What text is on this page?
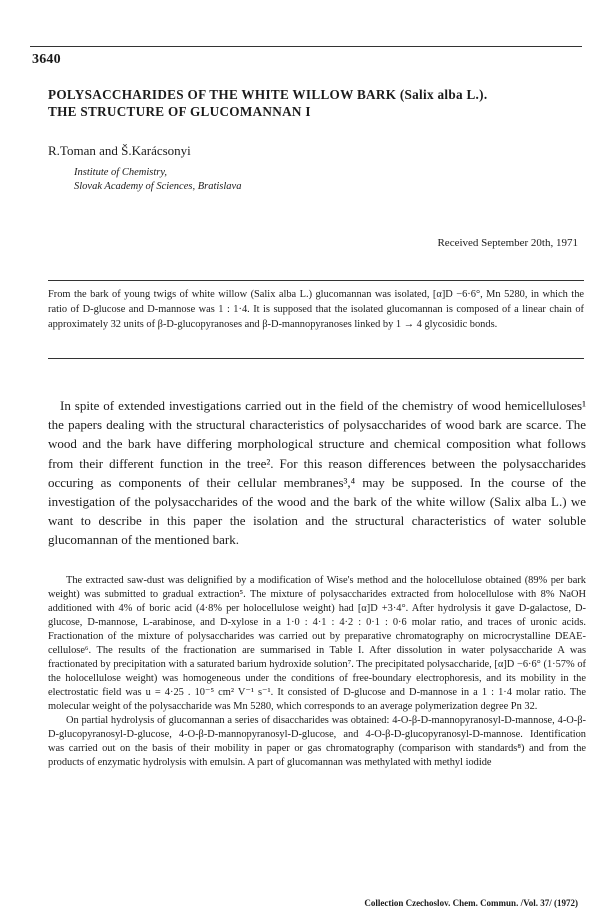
3640
POLYSACCHARIDES OF THE WHITE WILLOW BARK (Salix alba L.).
THE STRUCTURE OF GLUCOMANNAN I
R.Toman and Š.Karácsonyi
Institute of Chemistry,
Slovak Academy of Sciences, Bratislava
Received September 20th, 1971
From the bark of young twigs of white willow (Salix alba L.) glucomannan was isolated, [α]D −6·6°, Mn 5280, in which the ratio of D-glucose and D-mannose was 1 : 1·4. It is supposed that the isolated glucomannan is composed of a linear chain of approximately 32 units of β-D-glucopyranoses and β-D-mannopyranoses linked by 1 → 4 glycosidic bonds.

In spite of extended investigations carried out in the field of the chemistry of wood hemicelluloses¹ the papers dealing with the structural characteristics of polysaccharides of wood bark are scarce. The wood and the bark have differing morphological structure and chemical composition what follows from their different function in the tree². For this reason differences between the polysaccharides occuring as components of their cellular membranes³,⁴ may be supposed. In the course of the investigation of the polysaccharides of the wood and the bark of the white willow (Salix alba L.) we want to describe in this paper the isolation and the structural characteristics of water soluble glucomannan of the mentioned bark.

The extracted saw-dust was delignified by a modification of Wise's method and the holocellulose obtained (89% per bark weight) was submitted to gradual extraction⁵. The mixture of polysaccharides extracted from holocellulose with 8% NaOH additioned with 4% of boric acid (4·8% per holocellulose weight) had [α]D +3·4°. After hydrolysis it gave D-galactose, D-glucose, D-mannose, L-arabinose, and D-xylose in a 1·0 : 4·1 : 4·2 : 0·1 : 0·6 molar ratio, and traces of uronic acids. Fractionation of the mixture of polysaccharides was carried out by preparative chromatography on microcrystalline DEAE-cellulose⁶. The results of the fractionation are summarised in Table I. After dissolution in water polysaccharide A was fractionated by precipitation with a saturated barium hydroxide solution⁷. The precipitated polysaccharide, [α]D −6·6° (1·57% of the holocellulose weight) was homogeneous under the conditions of free-boundary electrophoresis, and its mobility in the electrostatic field was u = 4·25 . 10⁻⁵ cm² V⁻¹ s⁻¹. It consisted of D-glucose and D-mannose in a 1 : 1·4 molar ratio. The molecular weight of the polysaccharide was Mn 5280, which corresponds to an average polymerization degree Pn 32.

On partial hydrolysis of glucomannan a series of disaccharides was obtained: 4-O-β-D-mannopyranosyl-D-mannose, 4-O-β-D-glucopyranosyl-D-glucose, 4-O-β-D-mannopyranosyl-D-glucose, and 4-O-β-D-glucopyranosyl-D-mannose. Identification was carried out on the basis of their mobility in paper or gas chromatography (comparison with standards⁸) and from the products of enzymatic hydrolysis with emulsin. A part of glucomannan was methylated with methyl iodide

Collection Czechoslov. Chem. Commun. /Vol. 37/ (1972)
